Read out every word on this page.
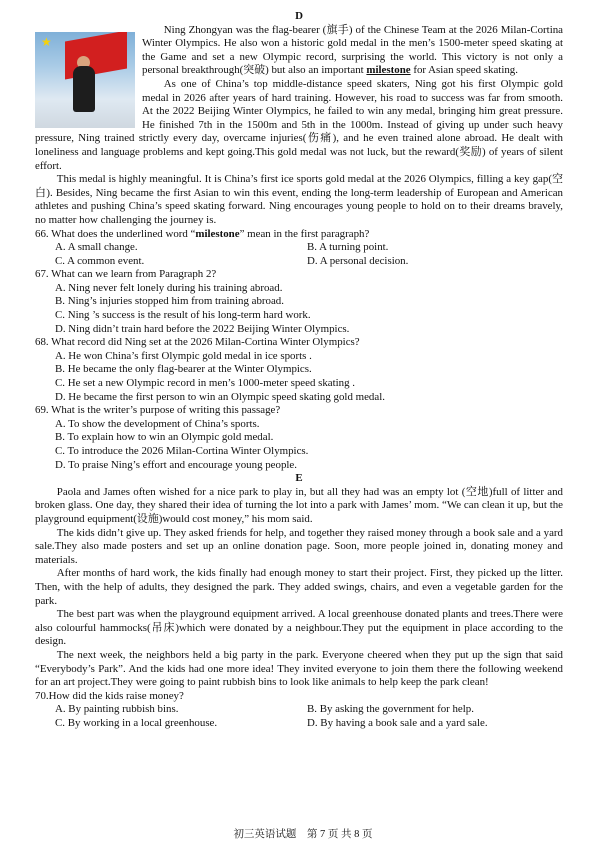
D
★

Ning Zhongyan was the flag-bearer (旗手) of the Chinese Team at the 2026 Milan-Cortina Winter Olympics. He also won a historic gold medal in the men’s 1500-meter speed skating at the Game and set a new Olympic record, surprising the world. This victory is not only a personal breakthrough(突破) but also an important milestone for Asian speed skating.

As one of China’s top middle-distance speed skaters, Ning got his first Olympic gold medal in 2026 after years of hard training. However, his road to success was far from smooth. At the 2022 Beijing Winter Olympics, he failed to win any medal, bringing him great pressure. He finished 7th in the 1500m and 5th in the 1000m. Instead of giving up under such heavy pressure, Ning trained strictly every day, overcame injuries(伤痛), and he even trained alone abroad. He dealt with loneliness and language problems and kept going.This gold medal was not luck, but the reward(奖励) of years of silent effort.

This medal is highly meaningful. It is China’s first ice sports gold medal at the 2026 Olympics, filling a key gap(空白). Besides, Ning became the first Asian to win this event, ending the long-term leadership of European and American athletes and pushing China’s speed skating forward. Ning encourages young people to hold on to their dreams bravely, no matter how challenging the journey is.

66. What does the underlined word “milestone” mean in the first paragraph?
A. A small change.	B. A turning point.
C. A common event.	D. A personal decision.
67. What can we learn from Paragraph 2?
A. Ning never felt lonely during his training abroad.
B. Ning’s injuries stopped him from training abroad.
C. Ning ’s success is the result of his long-term hard work.
D. Ning didn’t train hard before the 2022 Beijing Winter Olympics.
68. What record did Ning set at the 2026 Milan-Cortina Winter Olympics?
A. He won China’s first Olympic gold medal in ice sports .
B. He became the only flag-bearer at the Winter Olympics.
C. He set a new Olympic record in men’s 1000-meter speed skating .
D. He became the first person to win an Olympic speed skating gold medal.
69. What is the writer’s purpose of writing this passage?
A. To show the development of China’s sports.
B. To explain how to win an Olympic gold medal.
C. To introduce the 2026 Milan-Cortina Winter Olympics.
D. To praise Ning’s effort and encourage young people.
E

Paola and James often wished for a nice park to play in, but all they had was an empty lot (空地)full of litter and broken glass. One day, they shared their idea of turning the lot into a park with James’ mom. “We can clean it up, but the playground equipment(设施)would cost money,” his mom said.

The kids didn’t give up. They asked friends for help, and together they raised money through a book sale and a yard sale.They also made posters and set up an online donation page. Soon, more people joined in, donating money and materials.

After months of hard work, the kids finally had enough money to start their project. First, they picked up the litter. Then, with the help of adults, they designed the park. They added swings, chairs, and even a vegetable garden for the park.

The best part was when the playground equipment arrived. A local greenhouse donated plants and trees.There were also colourful hammocks(吊床)which were donated by a neighbour.They put the equipment in place according to the design.

The next week, the neighbors held a big party in the park. Everyone cheered when they put up the sign that said “Everybody’s Park”. And the kids had one more idea! They invited everyone to join them there the following weekend for an art project.They were going to paint rubbish bins to look like animals to help keep the park clean!

70.How did the kids raise money?
A. By painting rubbish bins.	B. By asking the government for help.
C. By working in a local greenhouse.	D. By having a book sale and a yard sale.
初三英语试题　第 7 页 共 8 页
